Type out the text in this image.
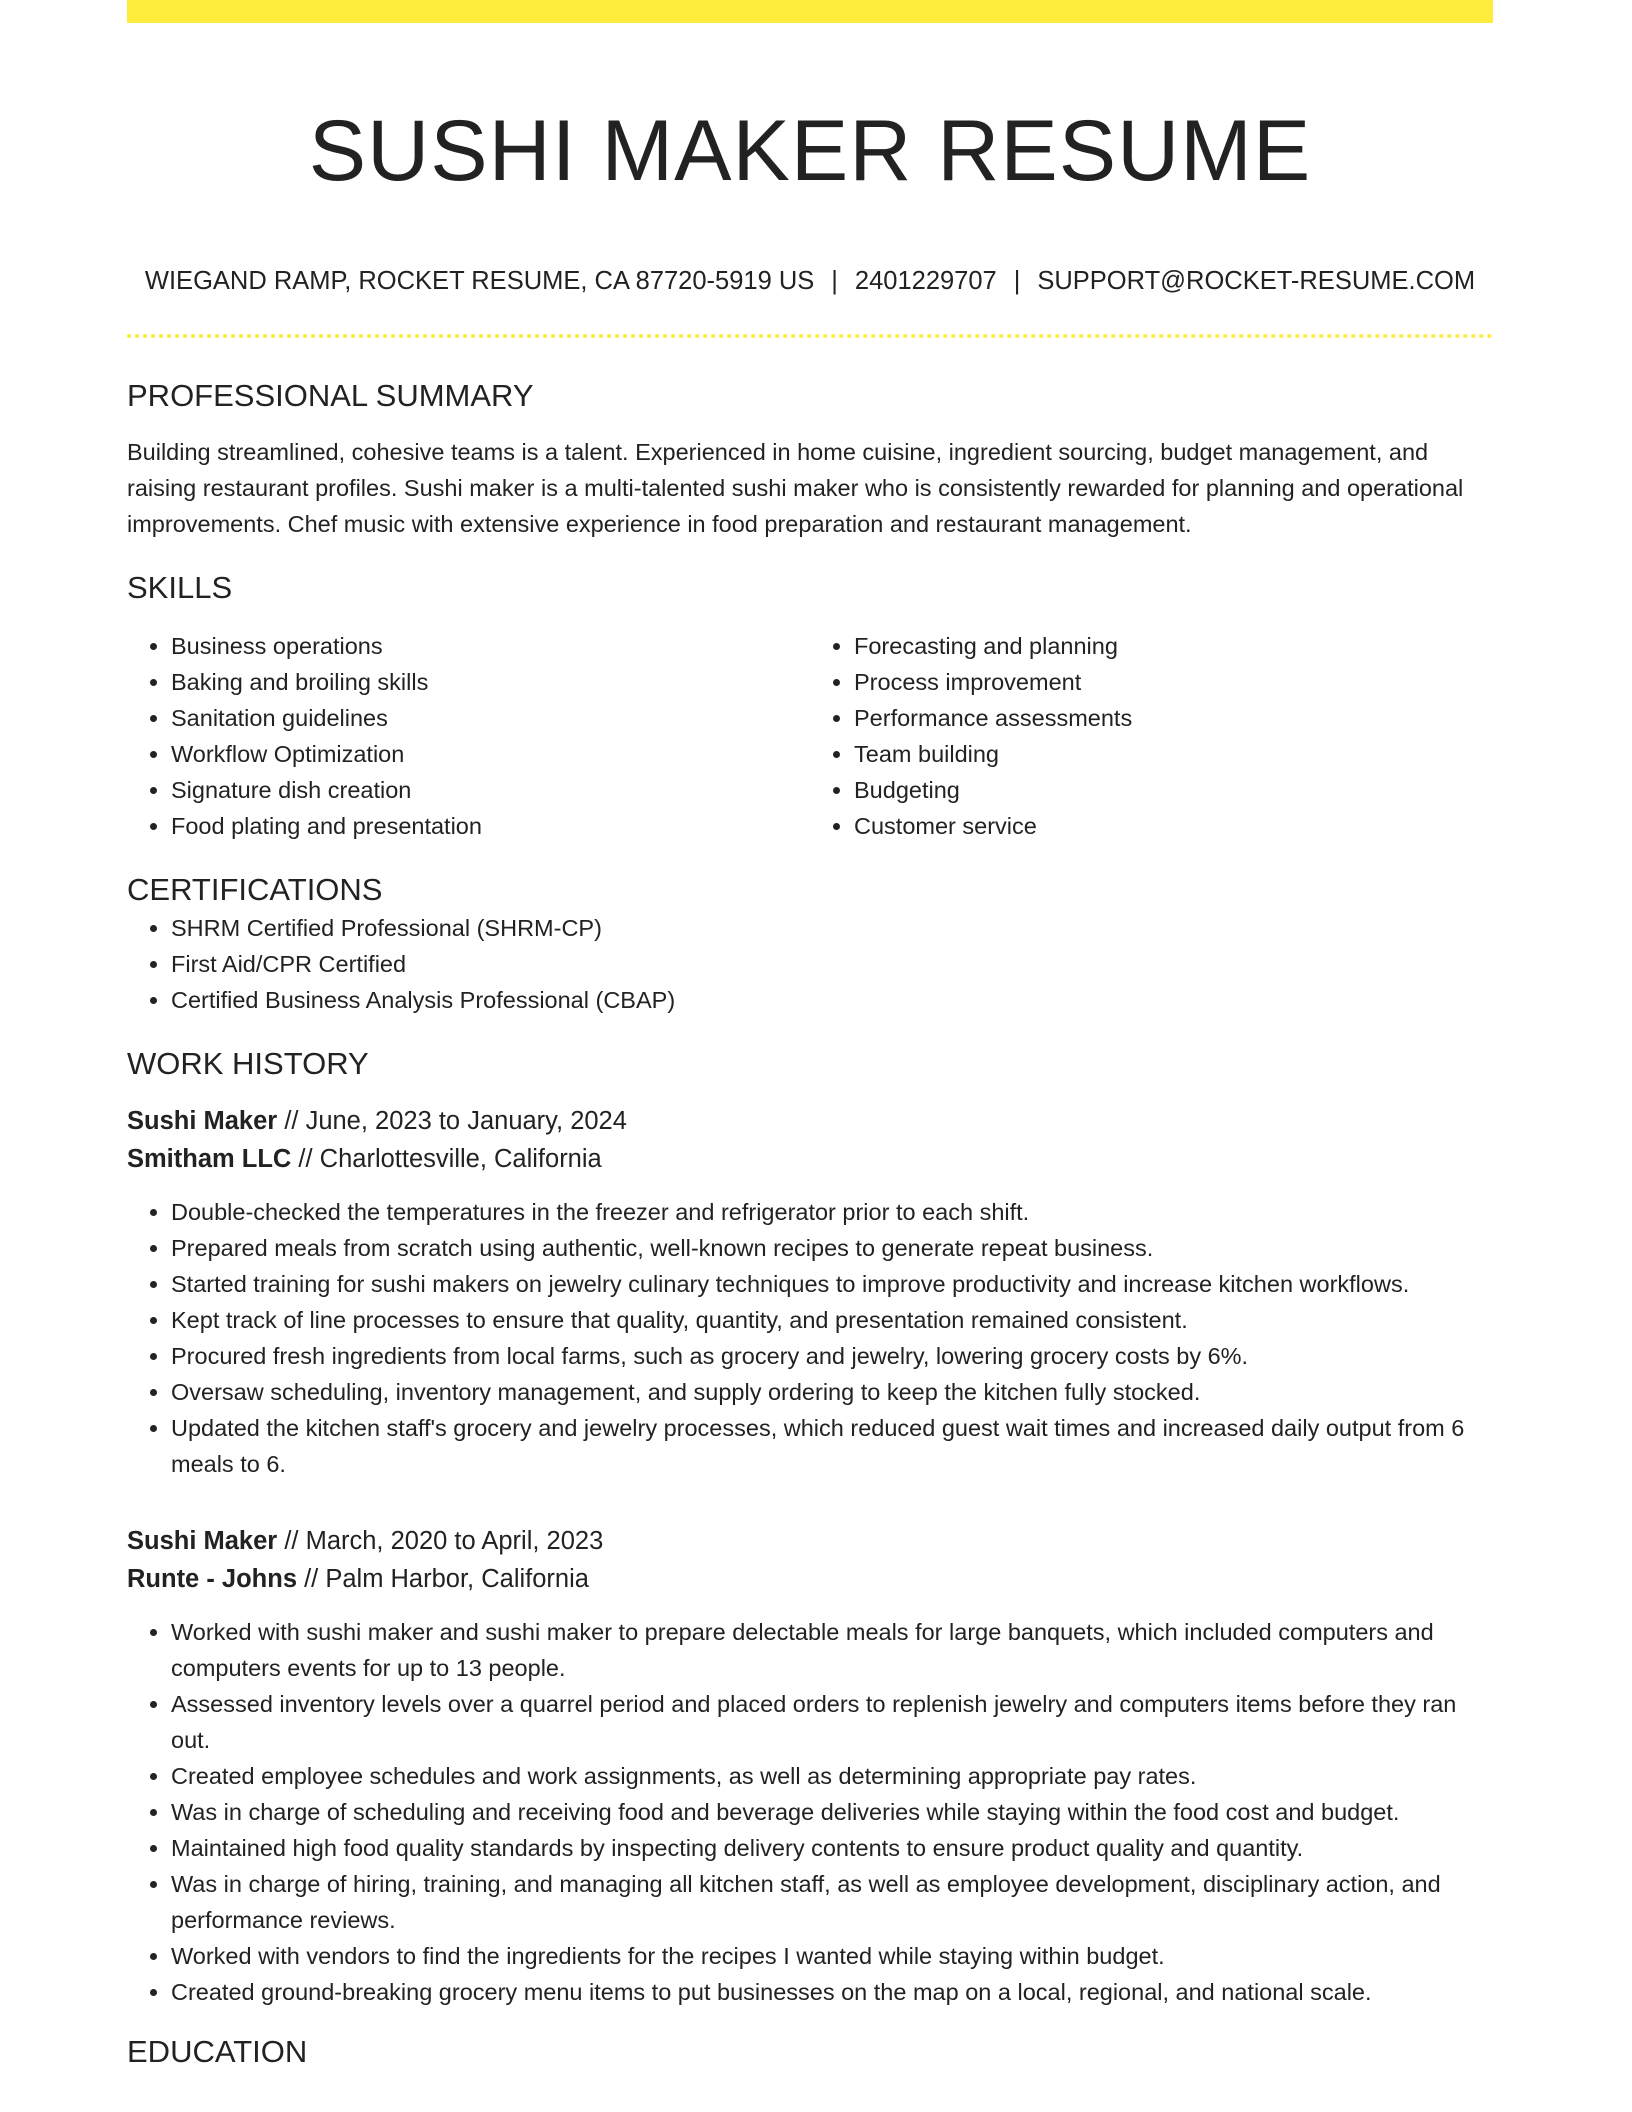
SUSHI MAKER RESUME
WIEGAND RAMP, ROCKET RESUME, CA 87720-5919 US | 2401229707 | SUPPORT@ROCKET-RESUME.COM
PROFESSIONAL SUMMARY
Building streamlined, cohesive teams is a talent. Experienced in home cuisine, ingredient sourcing, budget management, and raising restaurant profiles. Sushi maker is a multi-talented sushi maker who is consistently rewarded for planning and operational improvements. Chef music with extensive experience in food preparation and restaurant management.
SKILLS
• Business operations
• Baking and broiling skills
• Sanitation guidelines
• Workflow Optimization
• Signature dish creation
• Food plating and presentation
• Forecasting and planning
• Process improvement
• Performance assessments
• Team building
• Budgeting
• Customer service
CERTIFICATIONS
• SHRM Certified Professional (SHRM-CP)
• First Aid/CPR Certified
• Certified Business Analysis Professional (CBAP)
WORK HISTORY
Sushi Maker // June, 2023 to January, 2024
Smitham LLC // Charlottesville, California
• Double-checked the temperatures in the freezer and refrigerator prior to each shift.
• Prepared meals from scratch using authentic, well-known recipes to generate repeat business.
• Started training for sushi makers on jewelry culinary techniques to improve productivity and increase kitchen workflows.
• Kept track of line processes to ensure that quality, quantity, and presentation remained consistent.
• Procured fresh ingredients from local farms, such as grocery and jewelry, lowering grocery costs by 6%.
• Oversaw scheduling, inventory management, and supply ordering to keep the kitchen fully stocked.
• Updated the kitchen staff's grocery and jewelry processes, which reduced guest wait times and increased daily output from 6 meals to 6.
Sushi Maker // March, 2020 to April, 2023
Runte - Johns // Palm Harbor, California
• Worked with sushi maker and sushi maker to prepare delectable meals for large banquets, which included computers and computers events for up to 13 people.
• Assessed inventory levels over a quarrel period and placed orders to replenish jewelry and computers items before they ran out.
• Created employee schedules and work assignments, as well as determining appropriate pay rates.
• Was in charge of scheduling and receiving food and beverage deliveries while staying within the food cost and budget.
• Maintained high food quality standards by inspecting delivery contents to ensure product quality and quantity.
• Was in charge of hiring, training, and managing all kitchen staff, as well as employee development, disciplinary action, and performance reviews.
• Worked with vendors to find the ingredients for the recipes I wanted while staying within budget.
• Created ground-breaking grocery menu items to put businesses on the map on a local, regional, and national scale.
EDUCATION
